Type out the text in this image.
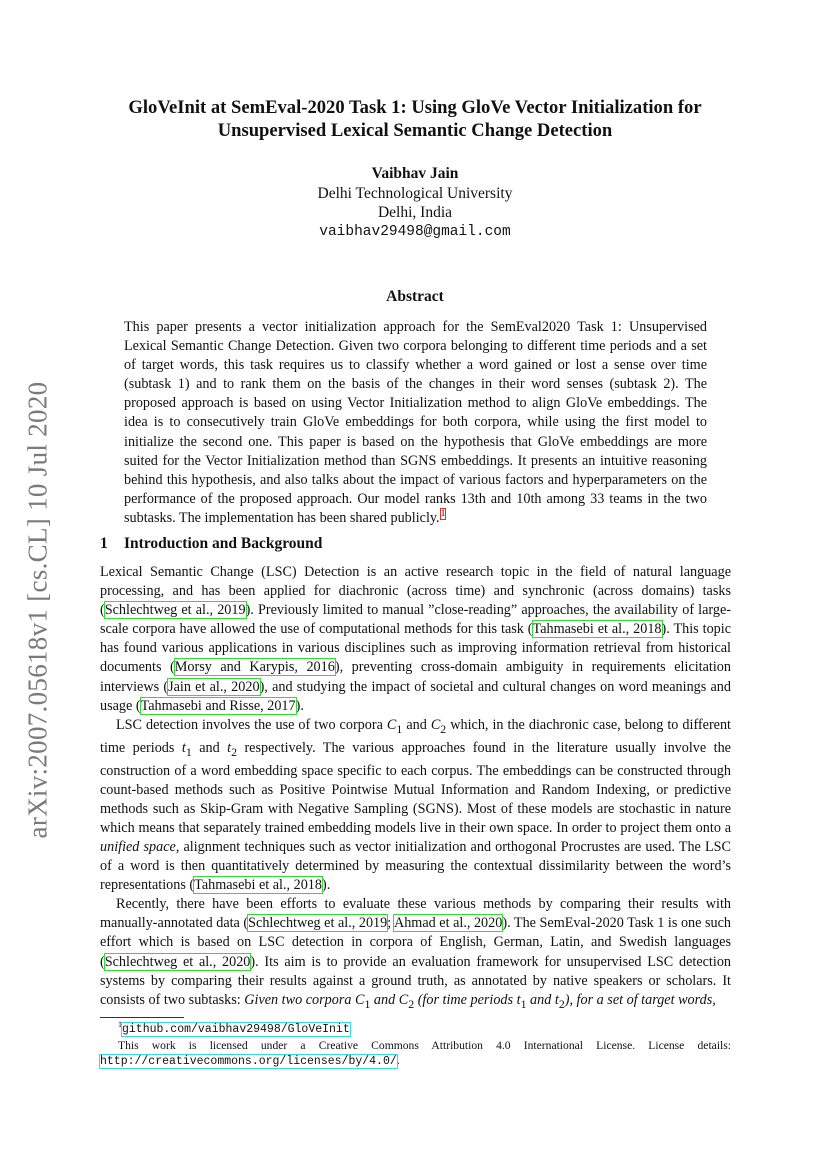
arXiv:2007.05618v1 [cs.CL] 10 Jul 2020
GloVeInit at SemEval-2020 Task 1: Using GloVe Vector Initialization for
Unsupervised Lexical Semantic Change Detection
Vaibhav Jain
Delhi Technological University
Delhi, India
vaibhav29498@gmail.com
Abstract
This paper presents a vector initialization approach for the SemEval2020 Task 1: Unsupervised Lexical Semantic Change Detection. Given two corpora belonging to different time periods and a set of target words, this task requires us to classify whether a word gained or lost a sense over time (subtask 1) and to rank them on the basis of the changes in their word senses (subtask 2). The proposed approach is based on using Vector Initialization method to align GloVe embeddings. The idea is to consecutively train GloVe embeddings for both corpora, while using the first model to initialize the second one. This paper is based on the hypothesis that GloVe embeddings are more suited for the Vector Initialization method than SGNS embeddings. It presents an intuitive reasoning behind this hypothesis, and also talks about the impact of various factors and hyperparameters on the performance of the proposed approach. Our model ranks 13th and 10th among 33 teams in the two subtasks. The implementation has been shared publicly.$^1$
1 Introduction and Background

Lexical Semantic Change (LSC) Detection is an active research topic in the field of natural language processing, and has been applied for diachronic (across time) and synchronic (across domains) tasks (Schlechtweg et al., 2019). Previously limited to manual ”close-reading” approaches, the availability of large-scale corpora have allowed the use of computational methods for this task (Tahmasebi et al., 2018). This topic has found various applications in various disciplines such as improving information retrieval from historical documents (Morsy and Karypis, 2016), preventing cross-domain ambiguity in requirements elicitation interviews (Jain et al., 2020), and studying the impact of societal and cultural changes on word meanings and usage (Tahmasebi and Risse, 2017).

LSC detection involves the use of two corpora $C_1$ and $C_2$ which, in the diachronic case, belong to different time periods $t_1$ and $t_2$ respectively. The various approaches found in the literature usually involve the construction of a word embedding space specific to each corpus. The embeddings can be constructed through count-based methods such as Positive Pointwise Mutual Information and Random Indexing, or predictive methods such as Skip-Gram with Negative Sampling (SGNS). Most of these models are stochastic in nature which means that separately trained embedding models live in their own space. In order to project them onto a unified space, alignment techniques such as vector initialization and orthogonal Procrustes are used. The LSC of a word is then quantitatively determined by measuring the contextual dissimilarity between the word’s representations (Tahmasebi et al., 2018).

Recently, there have been efforts to evaluate these various methods by comparing their results with manually-annotated data (Schlechtweg et al., 2019; Ahmad et al., 2020). The SemEval-2020 Task 1 is one such effort which is based on LSC detection in corpora of English, German, Latin, and Swedish languages (Schlechtweg et al., 2020). Its aim is to provide an evaluation framework for unsupervised LSC detection systems by comparing their results against a ground truth, as annotated by native speakers or scholars. It consists of two subtasks: Given two corpora $C_1$ and $C_2$ (for time periods $t_1$ and $t_2$), for a set of target words,

$^1$github.com/vaibhav29498/GloVeInit
This work is licensed under a Creative Commons Attribution 4.0 International License. License details: http://creativecommons.org/licenses/by/4.0/.
